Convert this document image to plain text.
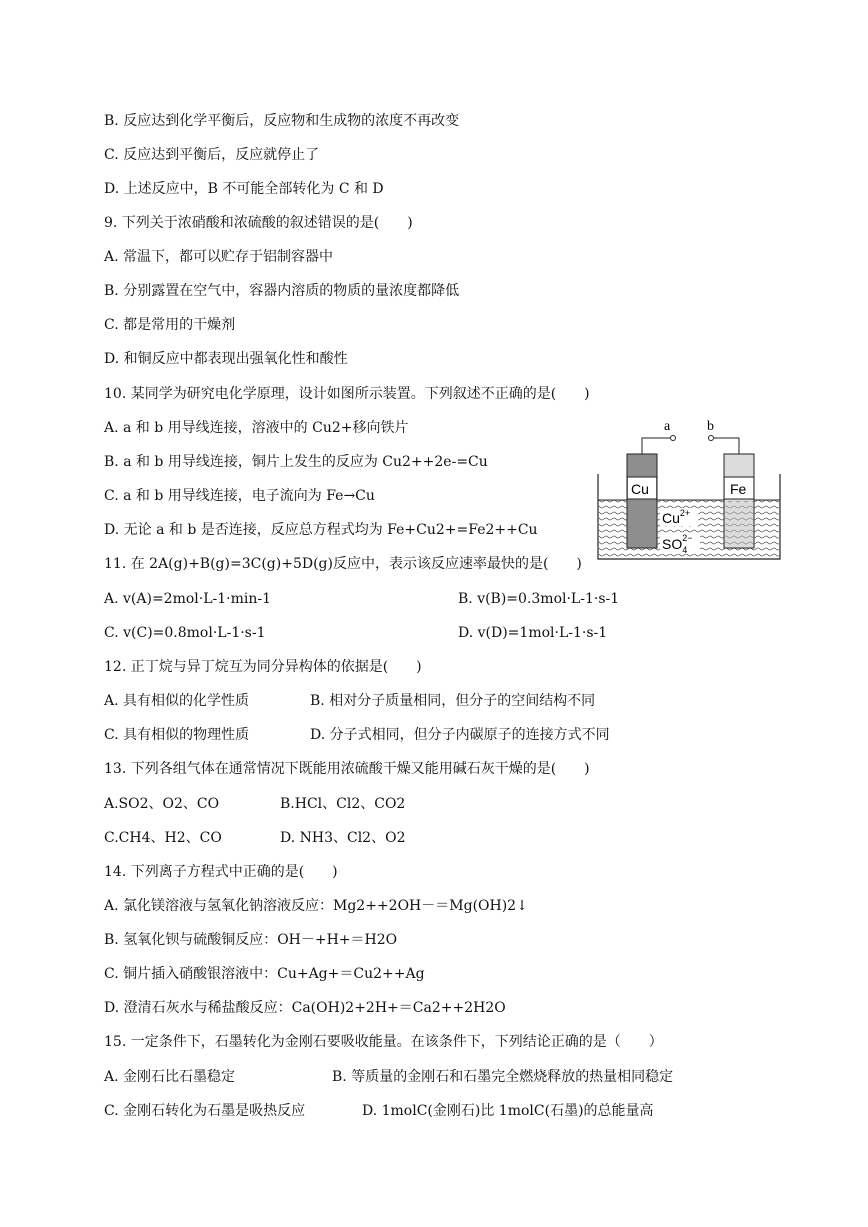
B. 反应达到化学平衡后，反应物和生成物的浓度不再改变
C. 反应达到平衡后，反应就停止了
D. 上述反应中，B 不可能全部转化为 C 和 D
9. 下列关于浓硝酸和浓硫酸的叙述错误的是(　　)
A. 常温下，都可以贮存于铝制容器中
B. 分别露置在空气中，容器内溶质的物质的量浓度都降低
C. 都是常用的干燥剂
D. 和铜反应中都表现出强氧化性和酸性
10. 某同学为研究电化学原理，设计如图所示装置。下列叙述不正确的是(　　)
A. a 和 b 用导线连接，溶液中的 Cu2+移向铁片
B. a 和 b 用导线连接，铜片上发生的反应为 Cu2++2e-=Cu
C. a 和 b 用导线连接，电子流向为 Fe→Cu
D. 无论 a 和 b 是否连接，反应总方程式均为 Fe+Cu2+=Fe2++Cu
11. 在 2A(g)+B(g)=3C(g)+5D(g)反应中，表示该反应速率最快的是(　　)
A. v(A)=2mol·L-1·min-1	B. v(B)=0.3mol·L-1·s-1
C. v(C)=0.8mol·L-1·s-1	D. v(D)=1mol·L-1·s-1
12. 正丁烷与异丁烷互为同分异构体的依据是(　　)
A. 具有相似的化学性质	B. 相对分子质量相同，但分子的空间结构不同
C. 具有相似的物理性质	D. 分子式相同，但分子内碳原子的连接方式不同
13. 下列各组气体在通常情况下既能用浓硫酸干燥又能用碱石灰干燥的是(　　)
A.SO2、O2、CO	B.HCl、Cl2、CO2
C.CH4、H2、CO	D. NH3、Cl2、O2
14. 下列离子方程式中正确的是(　　)
A. 氯化镁溶液与氢氧化钠溶液反应：Mg2++2OH－＝Mg(OH)2↓
B. 氢氧化钡与硫酸铜反应：OH－+H+＝H2O
C. 铜片插入硝酸银溶液中：Cu+Ag+＝Cu2++Ag
D. 澄清石灰水与稀盐酸反应：Ca(OH)2+2H+＝Ca2++2H2O
15. 一定条件下，石墨转化为金刚石要吸收能量。在该条件下，下列结论正确的是（　　）
A. 金刚石比石墨稳定	B. 等质量的金刚石和石墨完全燃烧释放的热量相同稳定
C. 金刚石转化为石墨是吸热反应	D. 1molC(金刚石)比 1molC(石墨)的总能量高
a	b
Cu	Fe
$Cu^{2+}$
$SO_42-$
